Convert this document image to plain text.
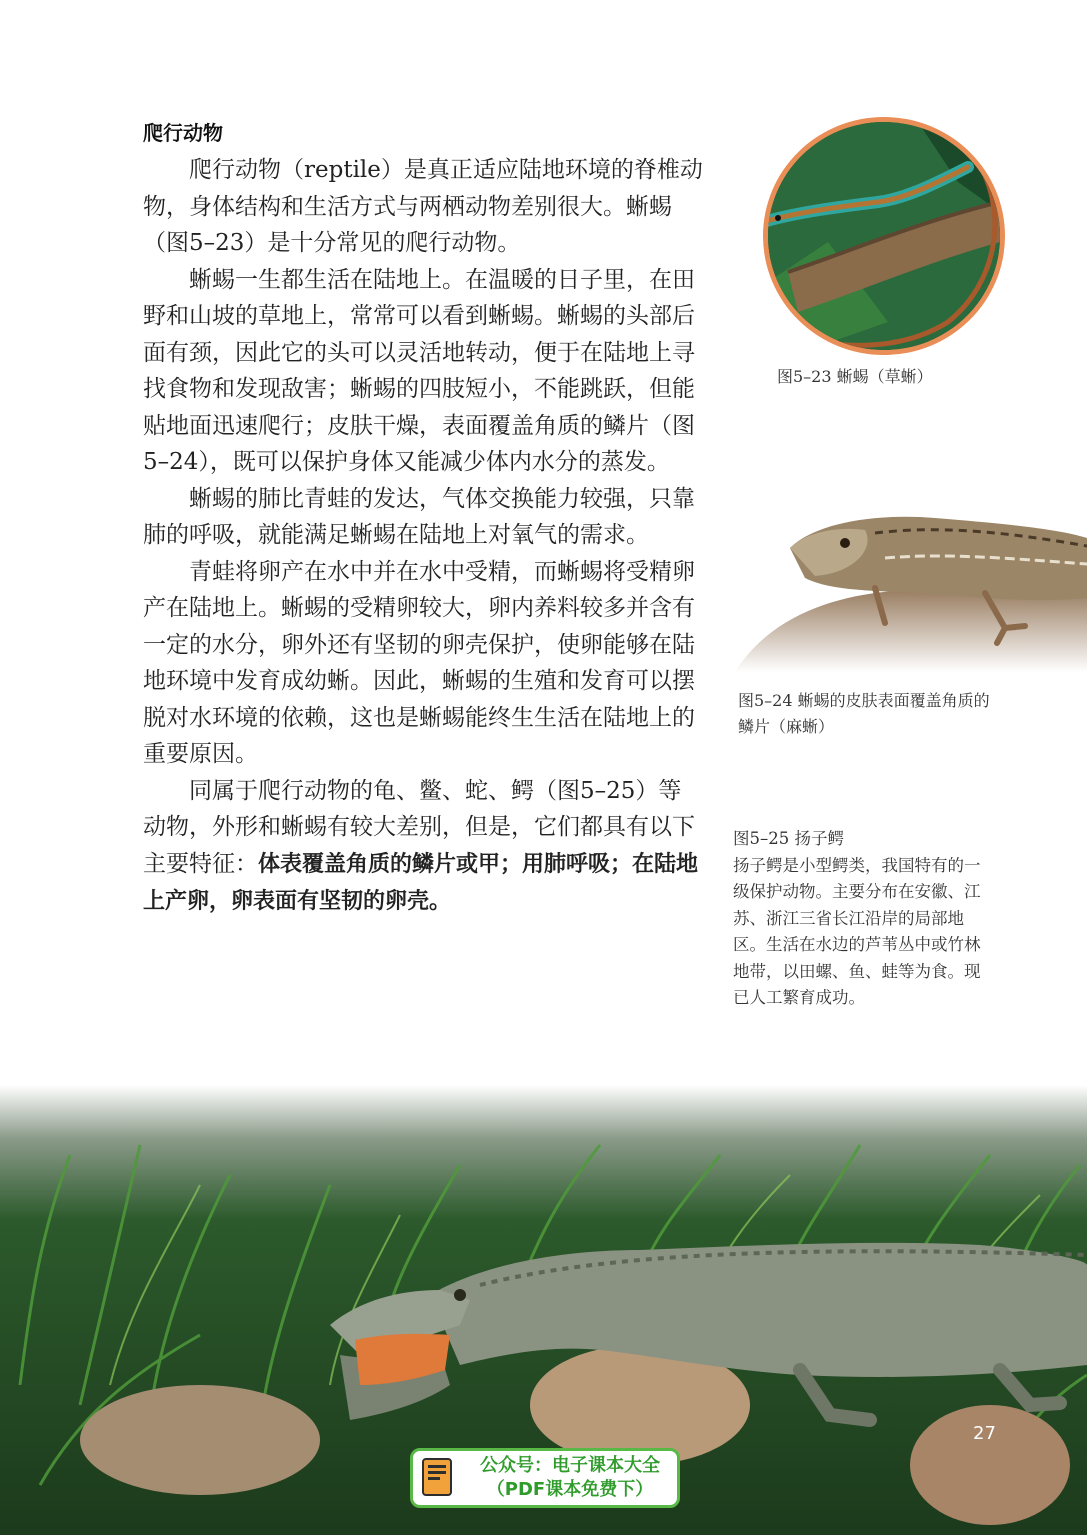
爬行动物

爬行动物（reptile）是真正适应陆地环境的脊椎动物，身体结构和生活方式与两栖动物差别很大。蜥蜴（图5–23）是十分常见的爬行动物。

蜥蜴一生都生活在陆地上。在温暖的日子里，在田野和山坡的草地上，常常可以看到蜥蜴。蜥蜴的头部后面有颈，因此它的头可以灵活地转动，便于在陆地上寻找食物和发现敌害；蜥蜴的四肢短小，不能跳跃，但能贴地面迅速爬行；皮肤干燥，表面覆盖角质的鳞片（图5–24），既可以保护身体又能减少体内水分的蒸发。

蜥蜴的肺比青蛙的发达，气体交换能力较强，只靠肺的呼吸，就能满足蜥蜴在陆地上对氧气的需求。

青蛙将卵产在水中并在水中受精，而蜥蜴将受精卵产在陆地上。蜥蜴的受精卵较大，卵内养料较多并含有一定的水分，卵外还有坚韧的卵壳保护，使卵能够在陆地环境中发育成幼蜥。因此，蜥蜴的生殖和发育可以摆脱对水环境的依赖，这也是蜥蜴能终生生活在陆地上的重要原因。

同属于爬行动物的龟、鳖、蛇、鳄（图5–25）等动物，外形和蜥蜴有较大差别，但是，它们都具有以下主要特征：体表覆盖角质的鳞片或甲；用肺呼吸；在陆地上产卵，卵表面有坚韧的卵壳。

图5–23 蜥蜴（草蜥）
图5–24 蜥蜴的皮肤表面覆盖角质的鳞片（麻蜥）
图5–25 扬子鳄
扬子鳄是小型鳄类，我国特有的一级保护动物。主要分布在安徽、江苏、浙江三省长江沿岸的局部地区。生活在水边的芦苇丛中或竹林地带，以田螺、鱼、蛙等为食。现已人工繁育成功。
27
公众号：电子课本大全
（PDF课本免费下）
